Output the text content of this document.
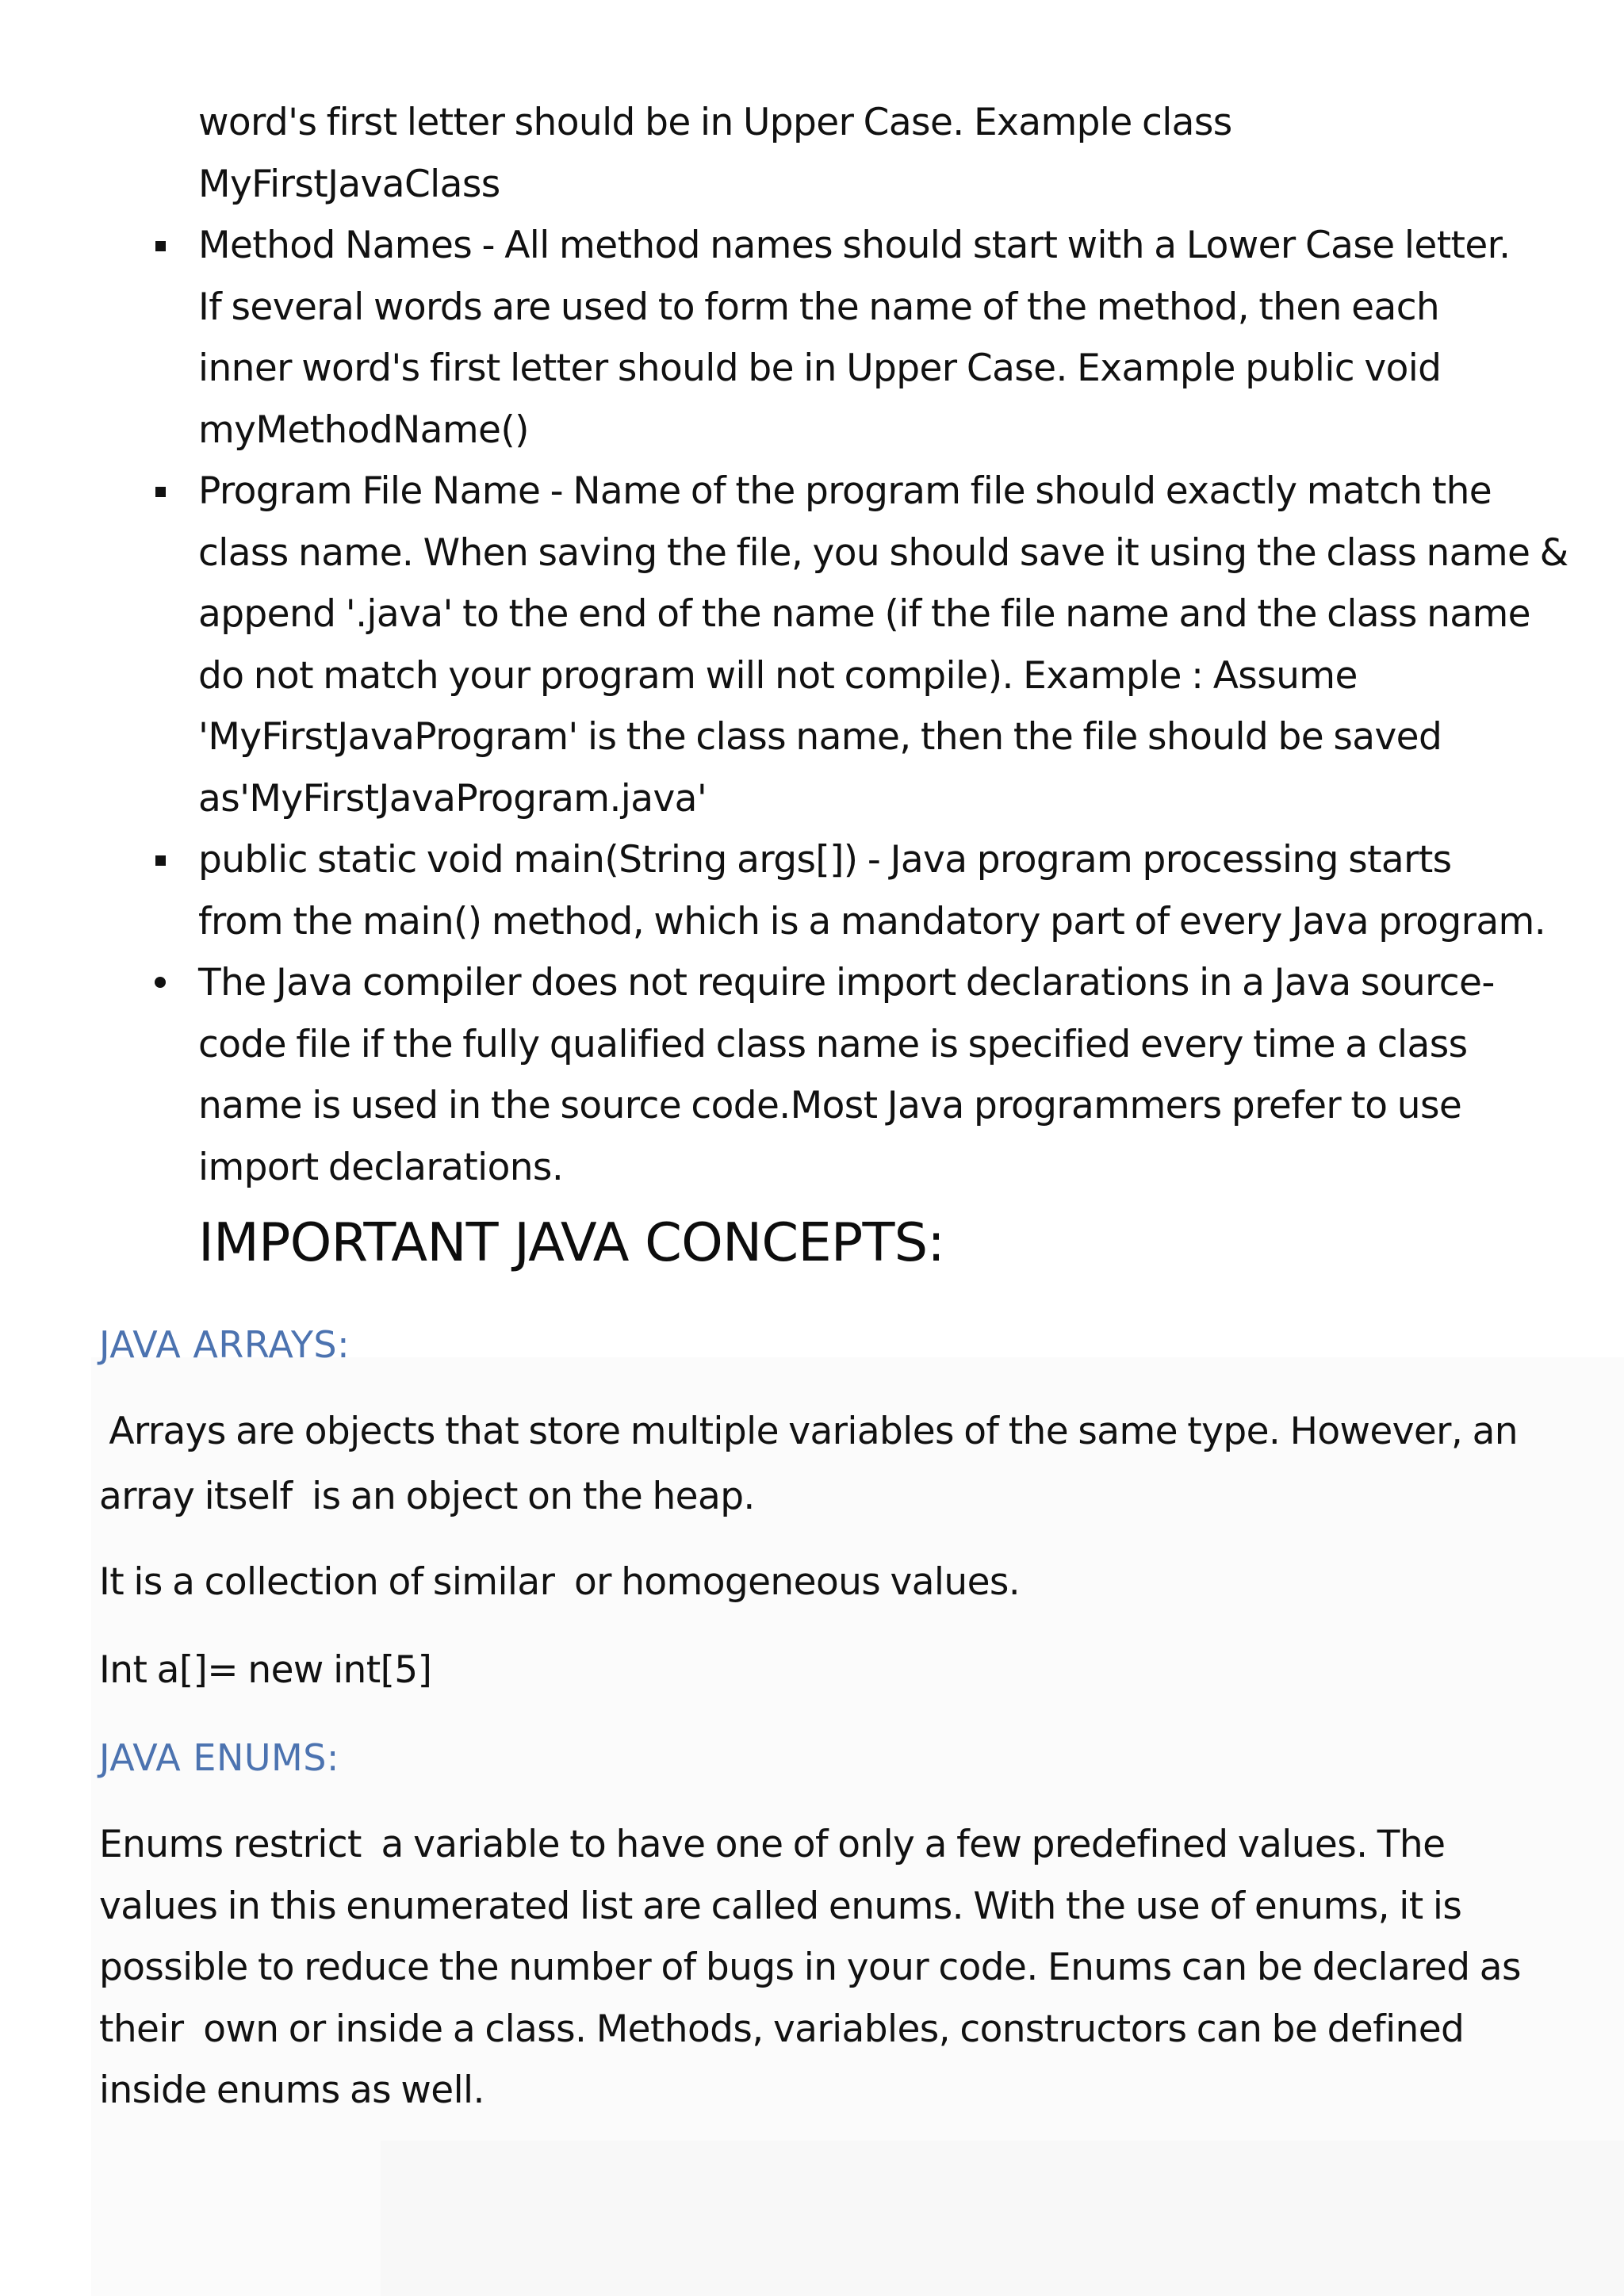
word's first letter should be in Upper Case. Example class
MyFirstJavaClass
Method Names - All method names should start with a Lower Case letter.
If several words are used to form the name of the method, then each
inner word's first letter should be in Upper Case. Example public void
myMethodName()
Program File Name - Name of the program file should exactly match the
class name. When saving the file, you should save it using the class name &
append '.java' to the end of the name (if the file name and the class name
do not match your program will not compile). Example : Assume
'MyFirstJavaProgram' is the class name, then the file should be saved
as'MyFirstJavaProgram.java'
public static void main(String args[]) - Java program processing starts
from the main() method, which is a mandatory part of every Java program.
The Java compiler does not require import declarations in a Java source-
code file if the fully qualified class name is specified every time a class
name is used in the source code.Most Java programmers prefer to use
import declarations.
IMPORTANT JAVA CONCEPTS:
JAVA ARRAYS:
Arrays are objects that store multiple variables of the same type. However, an
array itself  is an object on the heap.
It is a collection of similar  or homogeneous values.
Int a[]= new int[5]
JAVA ENUMS:
Enums restrict  a variable to have one of only a few predefined values. The
values in this enumerated list are called enums. With the use of enums, it is
possible to reduce the number of bugs in your code. Enums can be declared as
their  own or inside a class. Methods, variables, constructors can be defined
inside enums as well.
